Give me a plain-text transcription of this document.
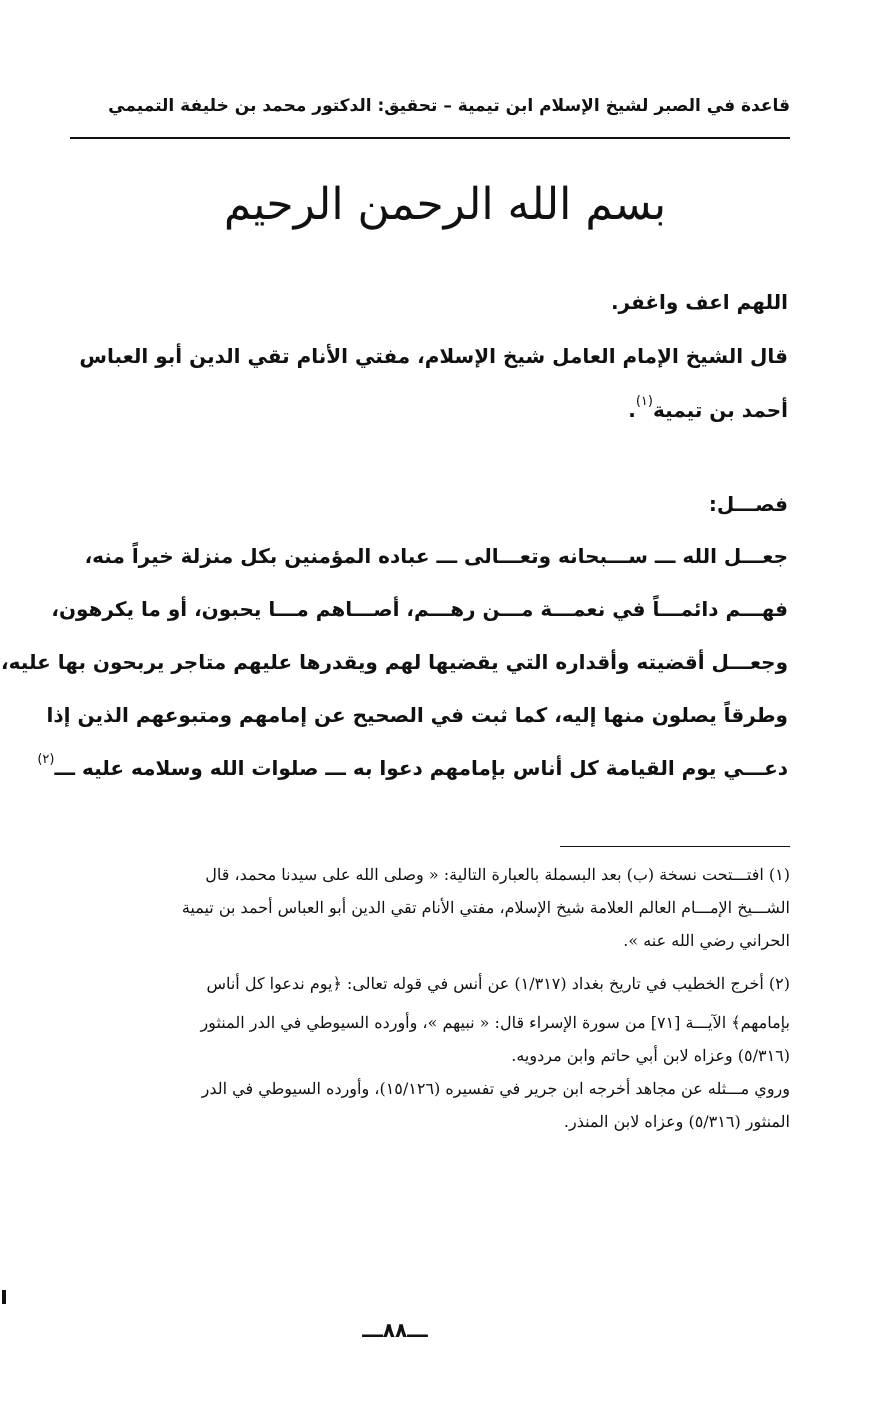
قاعدة في الصبر لشيخ الإسلام ابن تيمية – تحقيق: الدكتور محمد بن خليفة التميمي
بسم الله الرحمن الرحيم
اللهم اعف واغفر.
قال الشيخ الإمام العامل شيخ الإسلام، مفتي الأنام تقي الدين أبو العباس
أحمد بن تيمية$^{(١)}$.
فصـــل:
جعـــل الله ـــ ســـبحانه وتعـــالى ـــ عباده المؤمنين بكل منزلة خيراً منه،
فهـــم دائمـــاً في نعمـــة مـــن رهـــم، أصـــاهم مـــا يحبون، أو ما يكرهون،
وجعـــل أقضيته وأقداره التي يقضيها لهم ويقدرها عليهم متاجر يربحون بها عليه،
وطرقاً يصلون منها إليه، كما ثبت في الصحيح عن إمامهم ومتبوعهم الذين إذا
دعـــي يوم القيامة كل أناس بإمامهم دعوا به ـــ صلوات الله وسلامه عليه ـــ$^{(٢)}$
(١) افتـــتحت نسخة (ب) بعد البسملة بالعبارة التالية: « وصلى الله على سيدنا محمد، قال
الشـــيخ الإمـــام العالم العلامة شيخ الإسلام، مفتي الأنام تقي الدين أبو العباس أحمد بن تيمية
الحراني رضي الله عنه ».
(٢) أخرج الخطيب في تاريخ بغداد (١/٣١٧) عن أنس في قوله تعالى: ﴿يوم ندعوا كل أناس
بإمامهم﴾ الآيـــة [٧١] من سورة الإسراء قال: « نبيهم »، وأورده السيوطي في الدر المنثور
(٥/٣١٦) وعزاه لابن أبي حاتم وابن مردويه.
وروي مـــثله عن مجاهد أخرجه ابن جرير في تفسيره (١٥/١٢٦)، وأورده السيوطي في الدر
المنثور (٥/٣١٦) وعزاه لابن المنذر.
ـــ٨٨ـــ
